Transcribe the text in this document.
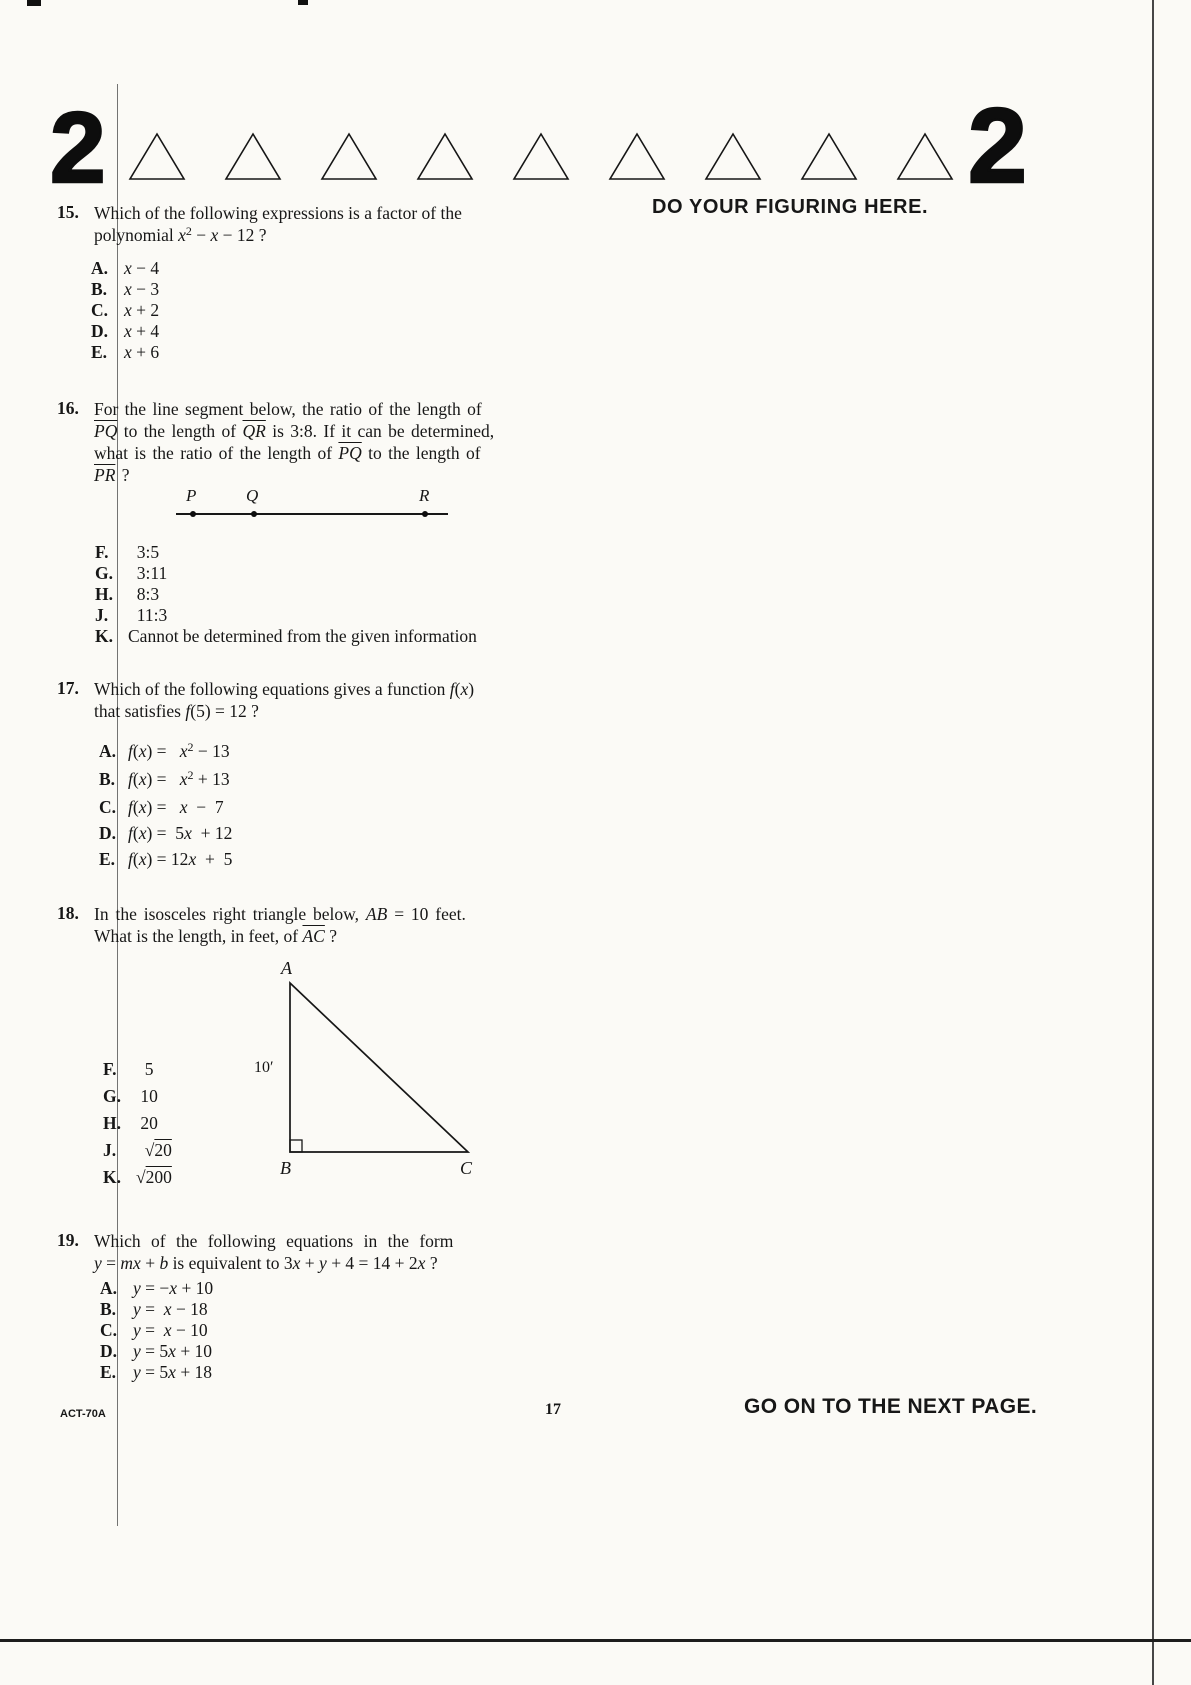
2	2
DO YOUR FIGURING HERE.
15. Which of the following expressions is a factor of the
polynomial $x^2 - x - 12$ ?
A. x − 4
B. x − 3
C. x + 2
D. x + 4
E. x + 6
16. For the line segment below, the ratio of the length of
$\overline{PQ}$ to the length of $\overline{QR}$ is 3:8. If it can be determined,
what is the ratio of the length of $\overline{PQ}$ to the length of
$\overline{PR}$ ?
P	Q	R
F.  3:5
G.  3:11
H.  8:3
J.  11:3
K. Cannot be determined from the given information
17. Which of the following equations gives a function f(x)
that satisfies f(5) = 12 ?
A. $f(x) = x^2 - 13$
B. $f(x) = x^2 + 13$
C. f(x) =   x  −  7
D. f(x) =  5x  + 12
E. f(x) = 12x  +  5
18. In the isosceles right triangle below, AB = 10 feet.
What is the length, in feet, of $\overline{AC}$ ?
A
B	C
10′
F.  5
G. 10
H. 20
J.  √20
K. √200
19. Which of the following equations in the form
y = mx + b is equivalent to 3x + y + 4 = 14 + 2x ?
A. y = −x + 10
B. y =  x − 18
C. y =  x − 10
D. y = 5x + 10
E. y = 5x + 18
ACT-70A	17	GO ON TO THE NEXT PAGE.
